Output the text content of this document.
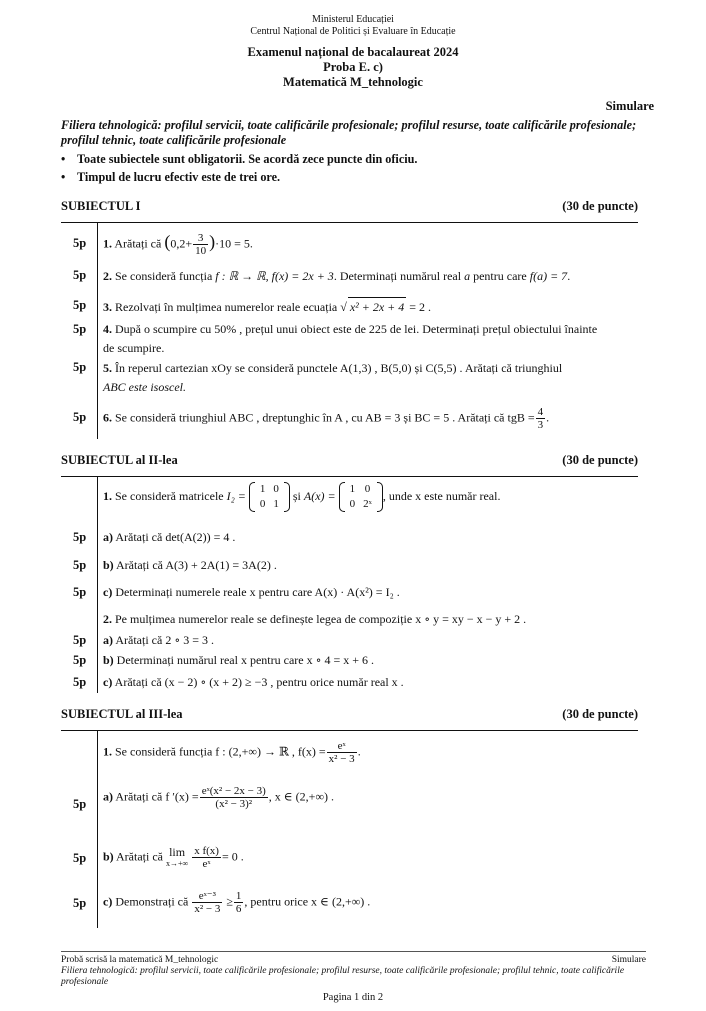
Ministerul Educației
Centrul Național de Politici și Evaluare în Educație
Examenul național de bacalaureat 2024
Proba E. c)
Matematică M_tehnologic
Simulare
Filiera tehnologică: profilul servicii, toate calificările profesionale; profilul resurse, toate calificările profesionale; profilul tehnic, toate calificările profesionale
• Toate subiectele sunt obligatorii. Se acordă zece puncte din oficiu.
• Timpul de lucru efectiv este de trei ore.
SUBIECTUL I	(30 de puncte)
5p 1. Arătați că $(0,2+ \frac{3}{10} )\cdot 10 = 5$.
5p 2. Se consideră funcția f : ℝ → ℝ, f(x) = 2x + 3. Determinați numărul real a pentru care f(a) = 7.
5p 3. Rezolvați în mulțimea numerelor reale ecuația √ x² + 2x + 4 = 2 .
5p 4. După o scumpire cu 50% , prețul unui obiect este de 225 de lei. Determinați prețul obiectului înainte
de scumpire.
5p 5. În reperul cartezian xOy se consideră punctele A(1,3) , B(5,0) și C(5,5) . Arătați că triunghiul
ABC este isoscel.
5p 6. Se consideră triunghiul ABC , dreptunghic în A , cu AB = 3 și BC = 5 . Arătați că tgB = $\frac{4}{3}$ .
SUBIECTUL al II-lea	(30 de puncte)
1. Se consideră matricele I₂ = 1	0
0	1
și A(x) = 1	0
0	2ˣ
, unde x este număr real.
5p a) Arătați că det(A(2)) = 4 .
5p b) Arătați că A(3) + 2A(1) = 3A(2) .
5p c) Determinați numerele reale x pentru care A(x) · A(x²) = I₂ .
2. Pe mulțimea numerelor reale se definește legea de compoziție x ∘ y = xy − x − y + 2 .
5p a) Arătați că 2 ∘ 3 = 3 .
5p b) Determinați numărul real x pentru care x ∘ 4 = x + 6 .
5p c) Arătați că (x − 2) ∘ (x + 2) ≥ −3 , pentru orice număr real x .
SUBIECTUL al III-lea	(30 de puncte)
1. Se consideră funcția f : (2,+∞) → ℝ , $f(x) = \frac{\text{eˣ}}{\text{x² − 3}}$ .
5p
a) Arătați că f $'(x) = \frac{\text{eˣ(x² − 2x − 3)}}{\text{(x² − 3)²}}$ , x ∈ (2,+∞) .
5p b) Arătați că lim
x→+∞
$\frac{\text{x f(x)}}{\text{eˣ}} = 0$ .
5p c) Demonstrați că $\frac{\text{eˣ⁻³}}{\text{x² − 3}} \ge \frac{1}{6}$ , pentru orice x ∈ (2,+∞) .
Probă scrisă la matematică M_tehnologic	Simulare
Filiera tehnologică: profilul servicii, toate calificările profesionale; profilul resurse, toate calificările profesionale; profilul tehnic, toate calificările profesionale
Pagina 1 din 2
